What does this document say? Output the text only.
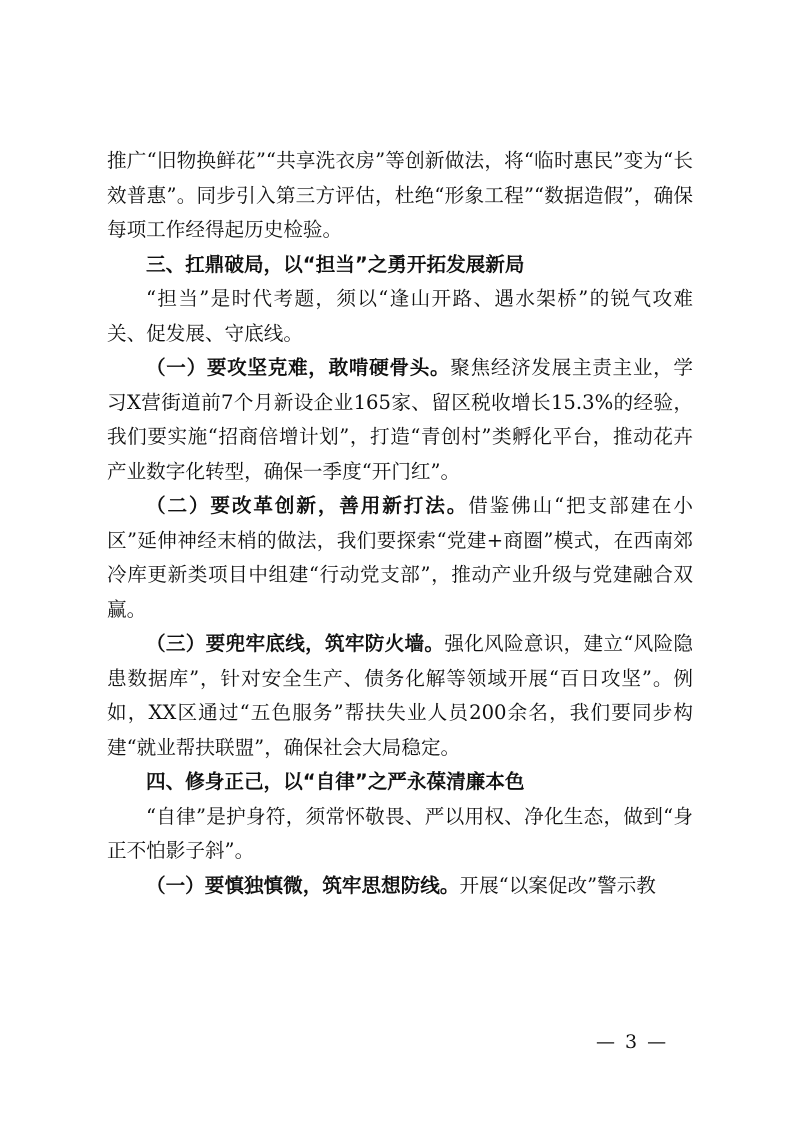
推广“旧物换鲜花”“共享洗衣房”等创新做法，将“临时惠民”变为“长效普惠”。同步引入第三方评估，杜绝“形象工程”“数据造假”，确保每项工作经得起历史检验。

三、扛鼎破局，以“担当”之勇开拓发展新局

“担当”是时代考题，须以“逢山开路、遇水架桥”的锐气攻难关、促发展、守底线。

（一）要攻坚克难，敢啃硬骨头。聚焦经济发展主责主业，学习X营街道前7个月新设企业165家、留区税收增长15.3%的经验，我们要实施“招商倍增计划”，打造“青创村”类孵化平台，推动花卉产业数字化转型，确保一季度“开门红”。

（二）要改革创新，善用新打法。借鉴佛山“把支部建在小区”延伸神经末梢的做法，我们要探索“党建+商圈”模式，在西南郊冷库更新类项目中组建“行动党支部”，推动产业升级与党建融合双赢。

（三）要兜牢底线，筑牢防火墙。强化风险意识，建立“风险隐患数据库”，针对安全生产、债务化解等领域开展“百日攻坚”。例如，XX区通过“五色服务”帮扶失业人员200余名，我们要同步构建“就业帮扶联盟”，确保社会大局稳定。

四、修身正己，以“自律”之严永葆清廉本色

“自律”是护身符，须常怀敬畏、严以用权、净化生态，做到“身正不怕影子斜”。

（一）要慎独慎微，筑牢思想防线。开展“以案促改”警示教

— 3 —
